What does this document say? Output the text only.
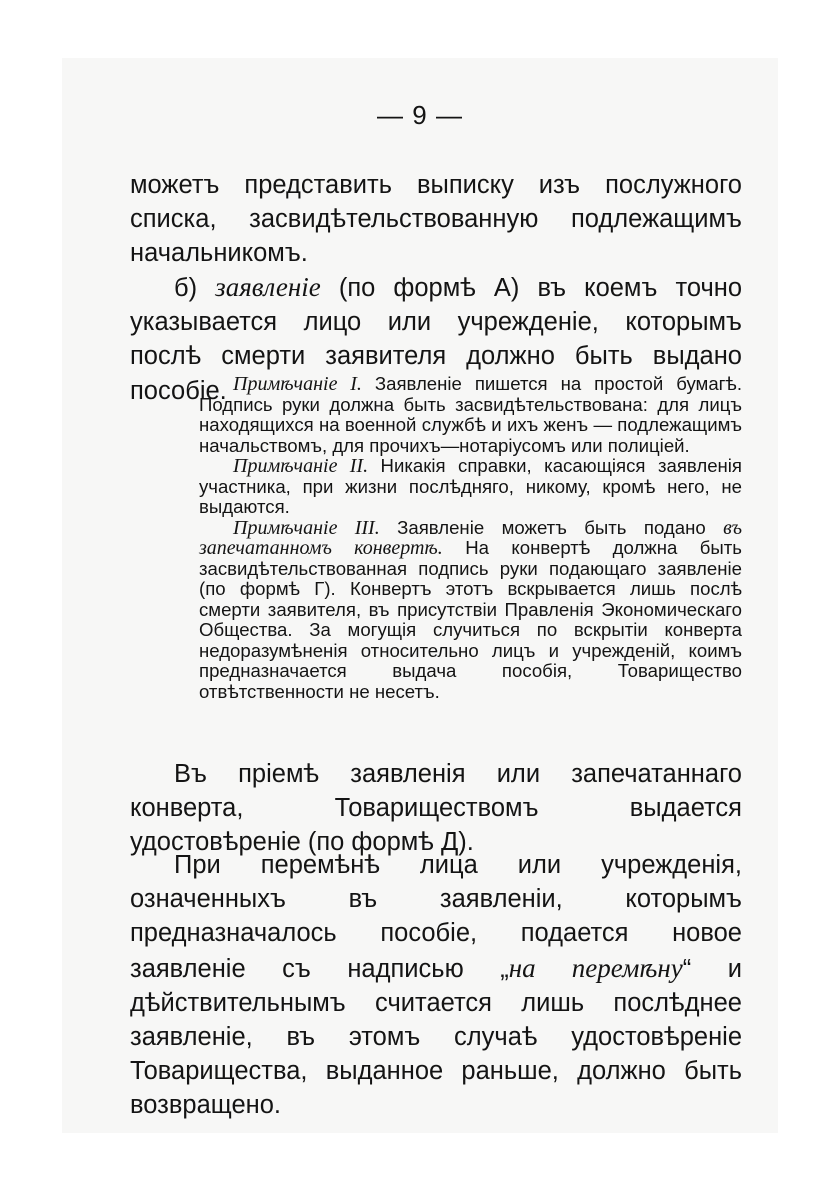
— 9 —

можетъ представить выписку изъ послужного списка, засвидѣтельствованную подлежащимъ начальникомъ.

б) заявленіе (по формѣ А) въ коемъ точно указывается лицо или учрежденіе, которымъ послѣ смерти заявителя должно быть выдано пособіе. Примѣчаніе I. Заявленіе пишется на простой бумагѣ. Подпись руки должна быть засвидѣтельствована: для лицъ находящихся на военной службѣ и ихъ женъ — подлежащимъ начальствомъ, для прочихъ—нотаріусомъ или полиціей.

Примѣчаніе II. Никакія справки, касающіяся заявленія участника, при жизни послѣдняго, никому, кромѣ него, не выдаются.

Примѣчаніе III. Заявленіе можетъ быть подано въ запечатанномъ конвертѣ. На конвертѣ должна быть засвидѣтельствованная подпись руки подающаго заявленіе (по формѣ Г). Конвертъ этотъ вскрывается лишь послѣ смерти заявителя, въ присутствіи Правленія Экономическаго Общества. За могущія случиться по вскрытіи конверта недоразумѣненія относительно лицъ и учрежденій, коимъ предназначается выдача пособія, Товарищество отвѣтственности не несетъ.

Въ пріемѣ заявленія или запечатаннаго конверта, Товариществомъ выдается удостовѣреніе (по формѣ Д).

При перемѣнѣ лица или учрежденія, означенныхъ въ заявленіи, которымъ предназначалось пособіе, подается новое заявленіе съ надписью „на перемѣну“ и дѣйствительнымъ считается лишь послѣднее заявленіе, въ этомъ случаѣ удостовѣреніе Товарищества, выданное раньше, должно быть возвращено.
